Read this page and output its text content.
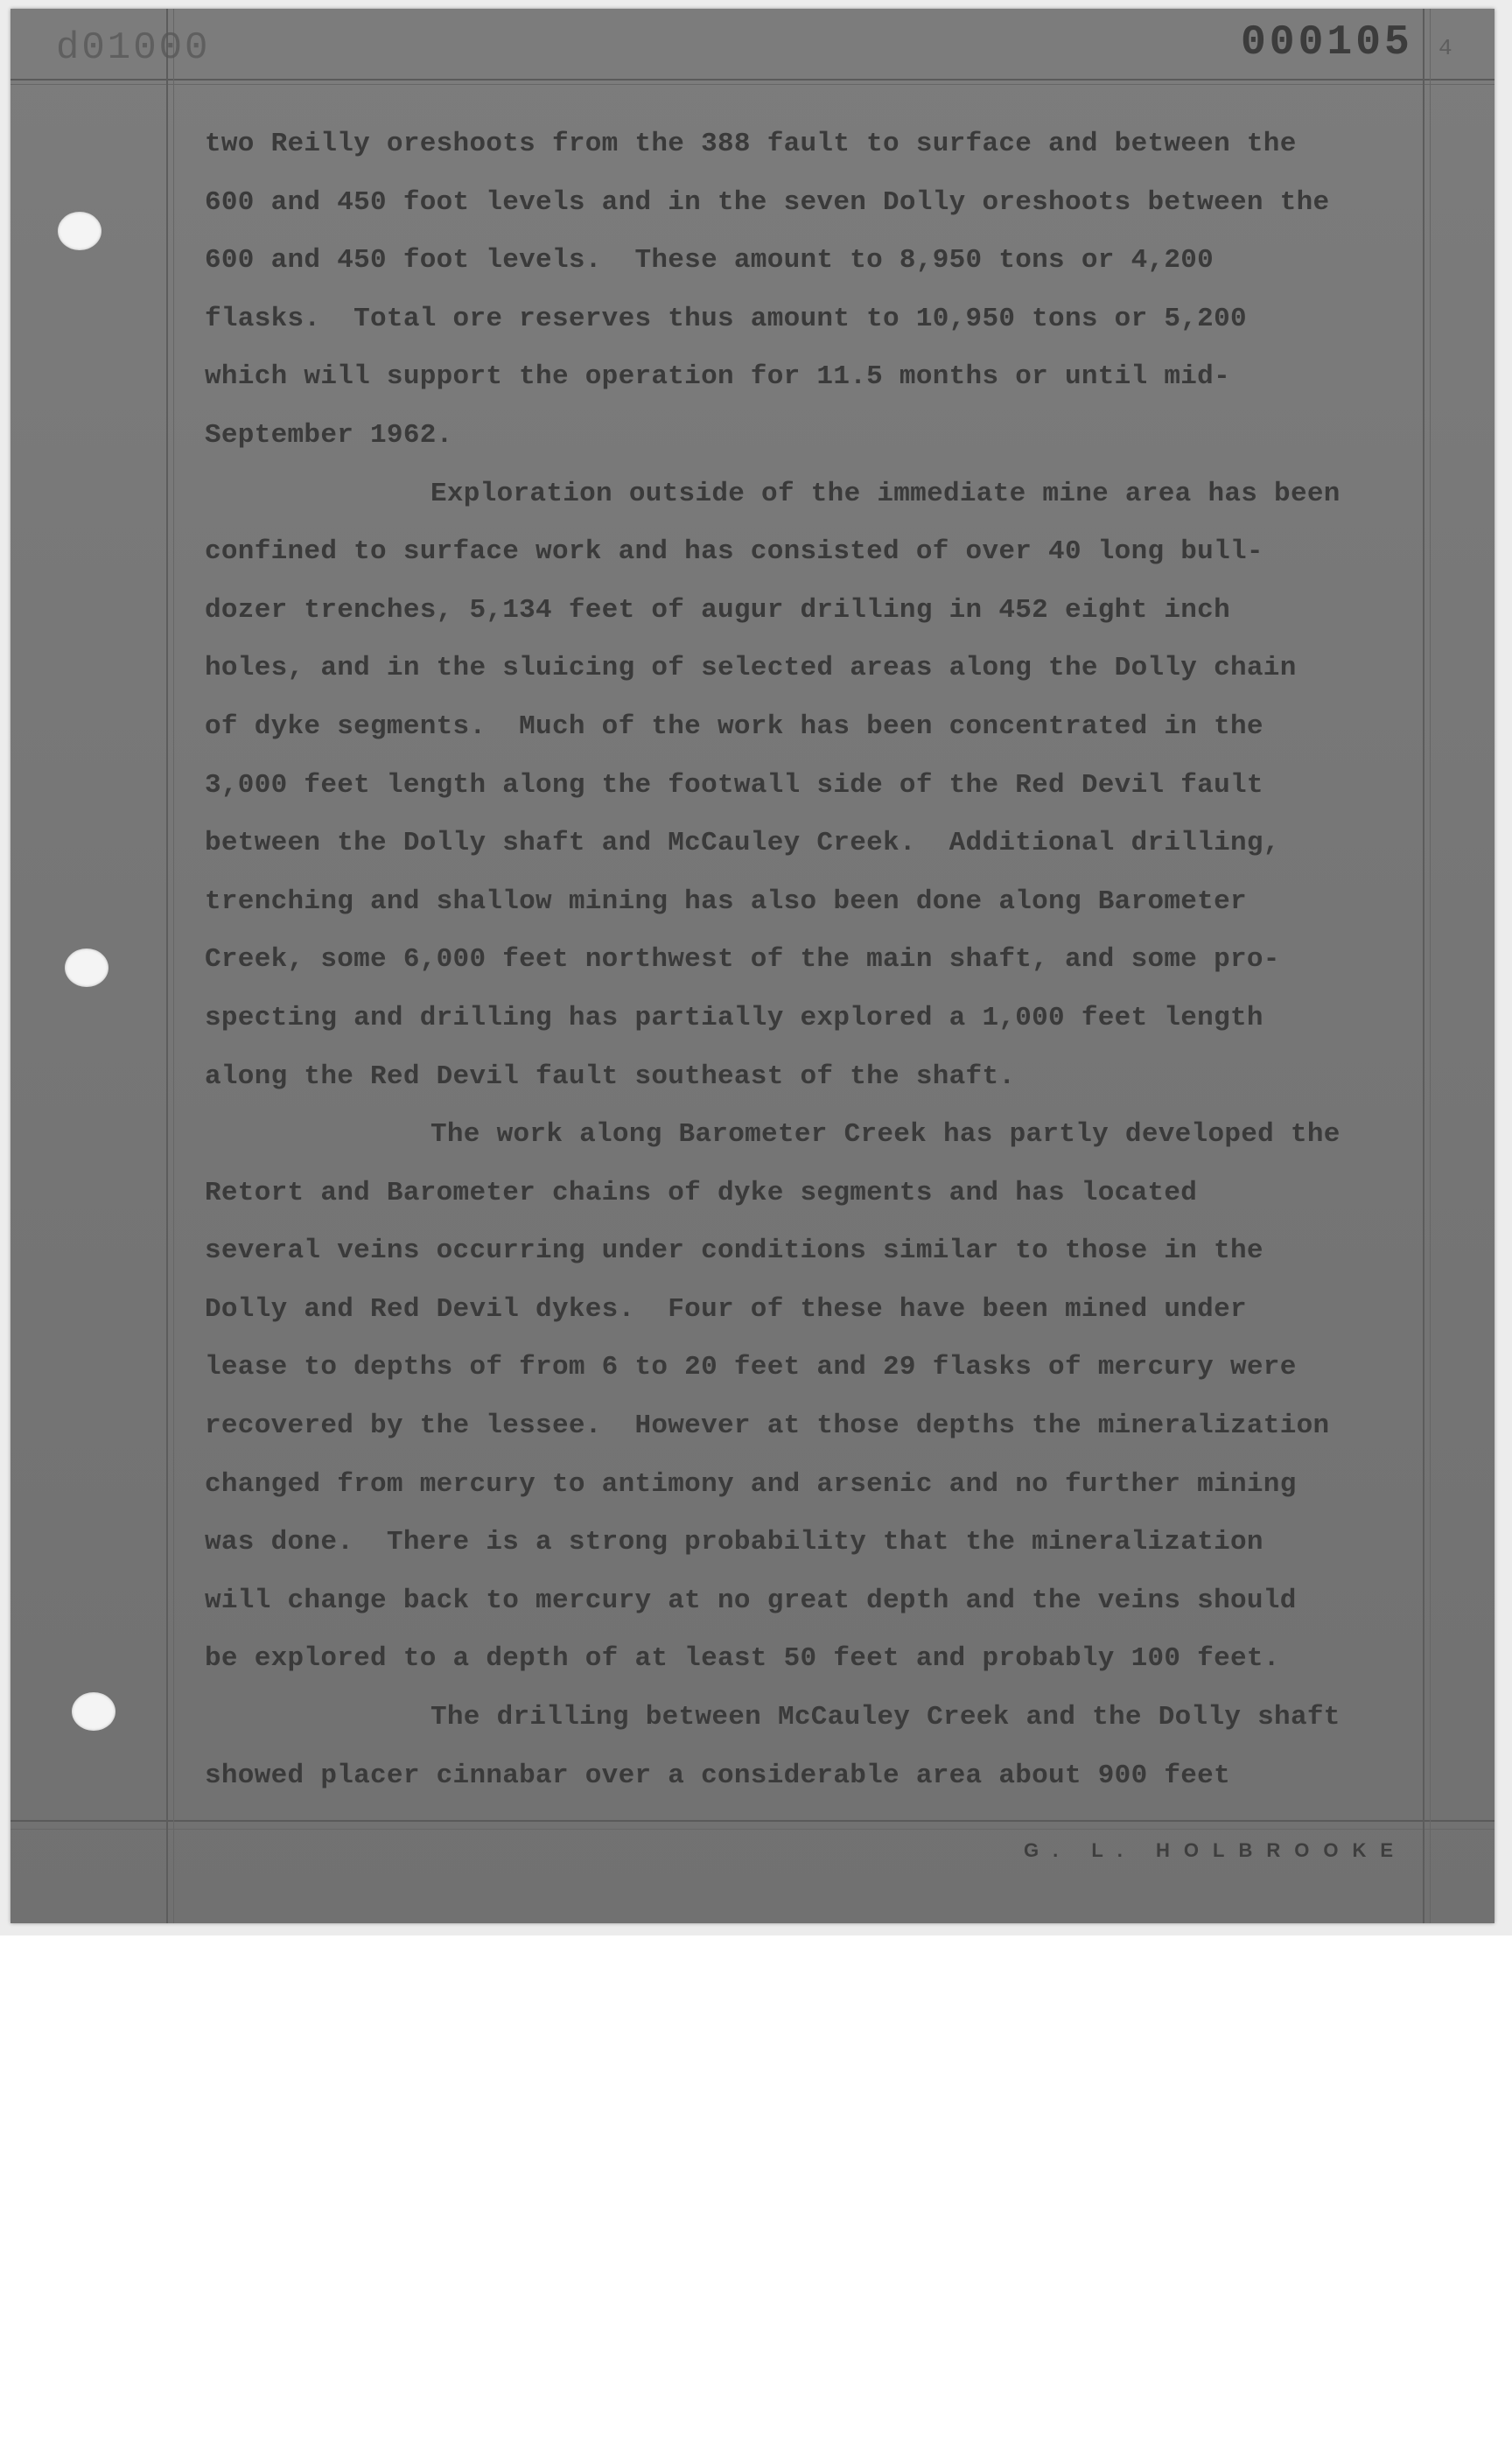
d01000	000105 4
two Reilly oreshoots from the 388 fault to surface and between the
600 and 450 foot levels and in the seven Dolly oreshoots between the
600 and 450 foot levels.  These amount to 8,950 tons or 4,200
flasks.  Total ore reserves thus amount to 10,950 tons or 5,200
which will support the operation for 11.5 months or until mid-
September 1962.
Exploration outside of the immediate mine area has been
confined to surface work and has consisted of over 40 long bull-
dozer trenches, 5,134 feet of augur drilling in 452 eight inch
holes, and in the sluicing of selected areas along the Dolly chain
of dyke segments.  Much of the work has been concentrated in the
3,000 feet length along the footwall side of the Red Devil fault
between the Dolly shaft and McCauley Creek.  Additional drilling,
trenching and shallow mining has also been done along Barometer
Creek, some 6,000 feet northwest of the main shaft, and some pro-
specting and drilling has partially explored a 1,000 feet length
along the Red Devil fault southeast of the shaft.
The work along Barometer Creek has partly developed the
Retort and Barometer chains of dyke segments and has located
several veins occurring under conditions similar to those in the
Dolly and Red Devil dykes.  Four of these have been mined under
lease to depths of from 6 to 20 feet and 29 flasks of mercury were
recovered by the lessee.  However at those depths the mineralization
changed from mercury to antimony and arsenic and no further mining
was done.  There is a strong probability that the mineralization
will change back to mercury at no great depth and the veins should
be explored to a depth of at least 50 feet and probably 100 feet.
The drilling between McCauley Creek and the Dolly shaft
showed placer cinnabar over a considerable area about 900 feet
G. L. HOLBROOKE
